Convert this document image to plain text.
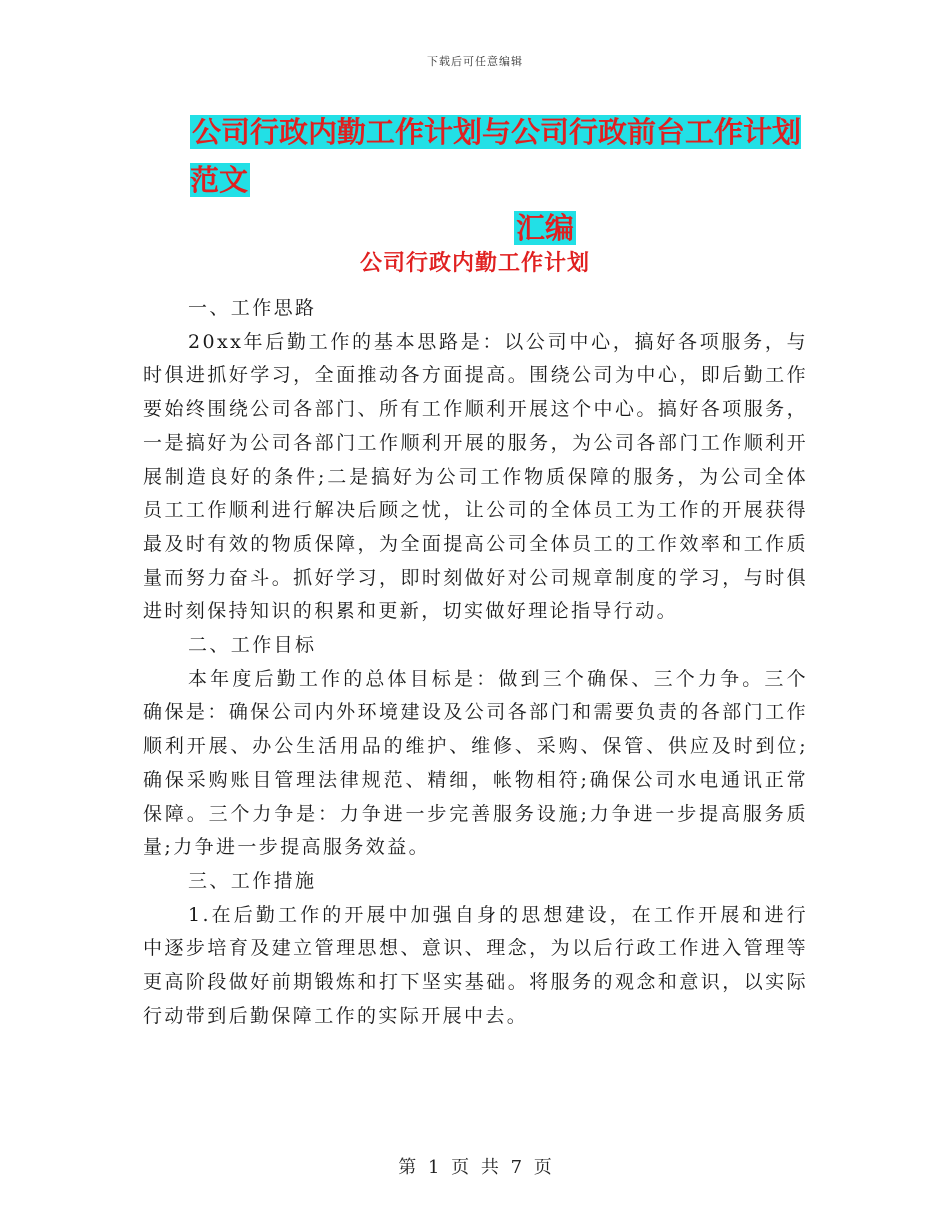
下载后可任意编辑
公司行政内勤工作计划与公司行政前台工作计划范文

汇编
公司行政内勤工作计划

一、工作思路

20xx年后勤工作的基本思路是：以公司中心，搞好各项服务，与时俱进抓好学习，全面推动各方面提高。围绕公司为中心，即后勤工作要始终围绕公司各部门、所有工作顺利开展这个中心。搞好各项服务，一是搞好为公司各部门工作顺利开展的服务，为公司各部门工作顺利开展制造良好的条件;二是搞好为公司工作物质保障的服务，为公司全体员工工作顺利进行解决后顾之忧，让公司的全体员工为工作的开展获得最及时有效的物质保障，为全面提高公司全体员工的工作效率和工作质量而努力奋斗。抓好学习，即时刻做好对公司规章制度的学习，与时俱进时刻保持知识的积累和更新，切实做好理论指导行动。

二、工作目标

本年度后勤工作的总体目标是：做到三个确保、三个力争。三个确保是：确保公司内外环境建设及公司各部门和需要负责的各部门工作顺利开展、办公生活用品的维护、维修、采购、保管、供应及时到位;确保采购账目管理法律规范、精细，帐物相符;确保公司水电通讯正常保障。三个力争是：力争进一步完善服务设施;力争进一步提高服务质量;力争进一步提高服务效益。

三、工作措施

1.在后勤工作的开展中加强自身的思想建设，在工作开展和进行中逐步培育及建立管理思想、意识、理念，为以后行政工作进入管理等更高阶段做好前期锻炼和打下坚实基础。将服务的观念和意识，以实际行动带到后勤保障工作的实际开展中去。

第 1 页 共 7 页
